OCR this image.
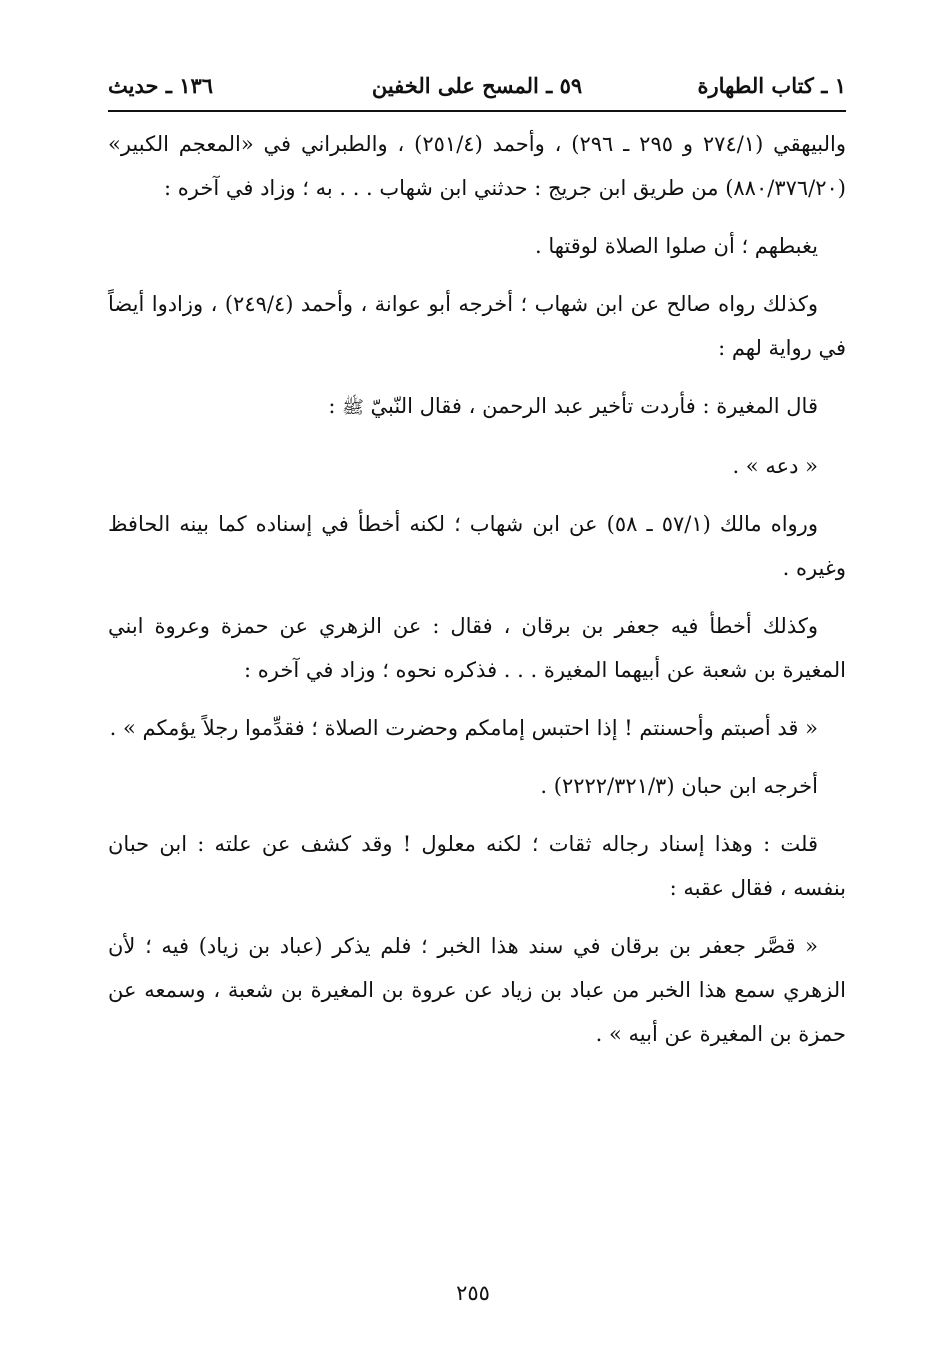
١ ـ كتاب الطهارة
٥٩ ـ المسح على الخفين
١٣٦ ـ حديث

والبيهقي (٢٧٤/١ و ٢٩٥ ـ ٢٩٦) ، وأحمد (٢٥١/٤) ، والطبراني في «المعجم الكبير» (٨٨٠/٣٧٦/٢٠) من طريق ابن جريج : حدثني ابن شهاب . . . به ؛ وزاد في آخره :

يغبطهم ؛ أن صلوا الصلاة لوقتها .

وكذلك رواه صالح عن ابن شهاب ؛ أخرجه أبو عوانة ، وأحمد (٢٤٩/٤) ، وزادوا أيضاً في رواية لهم :

قال المغيرة : فأردت تأخير عبد الرحمن ، فقال النّبيّ ﷺ :

« دعه » .

ورواه مالك (٥٧/١ ـ ٥٨) عن ابن شهاب ؛ لكنه أخطأ في إسناده كما بينه الحافظ وغيره .

وكذلك أخطأ فيه جعفر بن برقان ، فقال : عن الزهري عن حمزة وعروة ابني المغيرة بن شعبة عن أبيهما المغيرة . . . فذكره نحوه ؛ وزاد في آخره :

« قد أصبتم وأحسنتم ! إذا احتبس إمامكم وحضرت الصلاة ؛ فقدِّموا رجلاً يؤمكم » .

أخرجه ابن حبان (٢٢٢٢/٣٢١/٣) .

قلت : وهذا إسناد رجاله ثقات ؛ لكنه معلول ! وقد كشف عن علته : ابن حبان بنفسه ، فقال عقبه :

« قصَّر جعفر بن برقان في سند هذا الخبر ؛ فلم يذكر (عباد بن زياد) فيه ؛ لأن الزهري سمع هذا الخبر من عباد بن زياد عن عروة بن المغيرة بن شعبة ، وسمعه عن حمزة بن المغيرة عن أبيه » .

٢٥٥
